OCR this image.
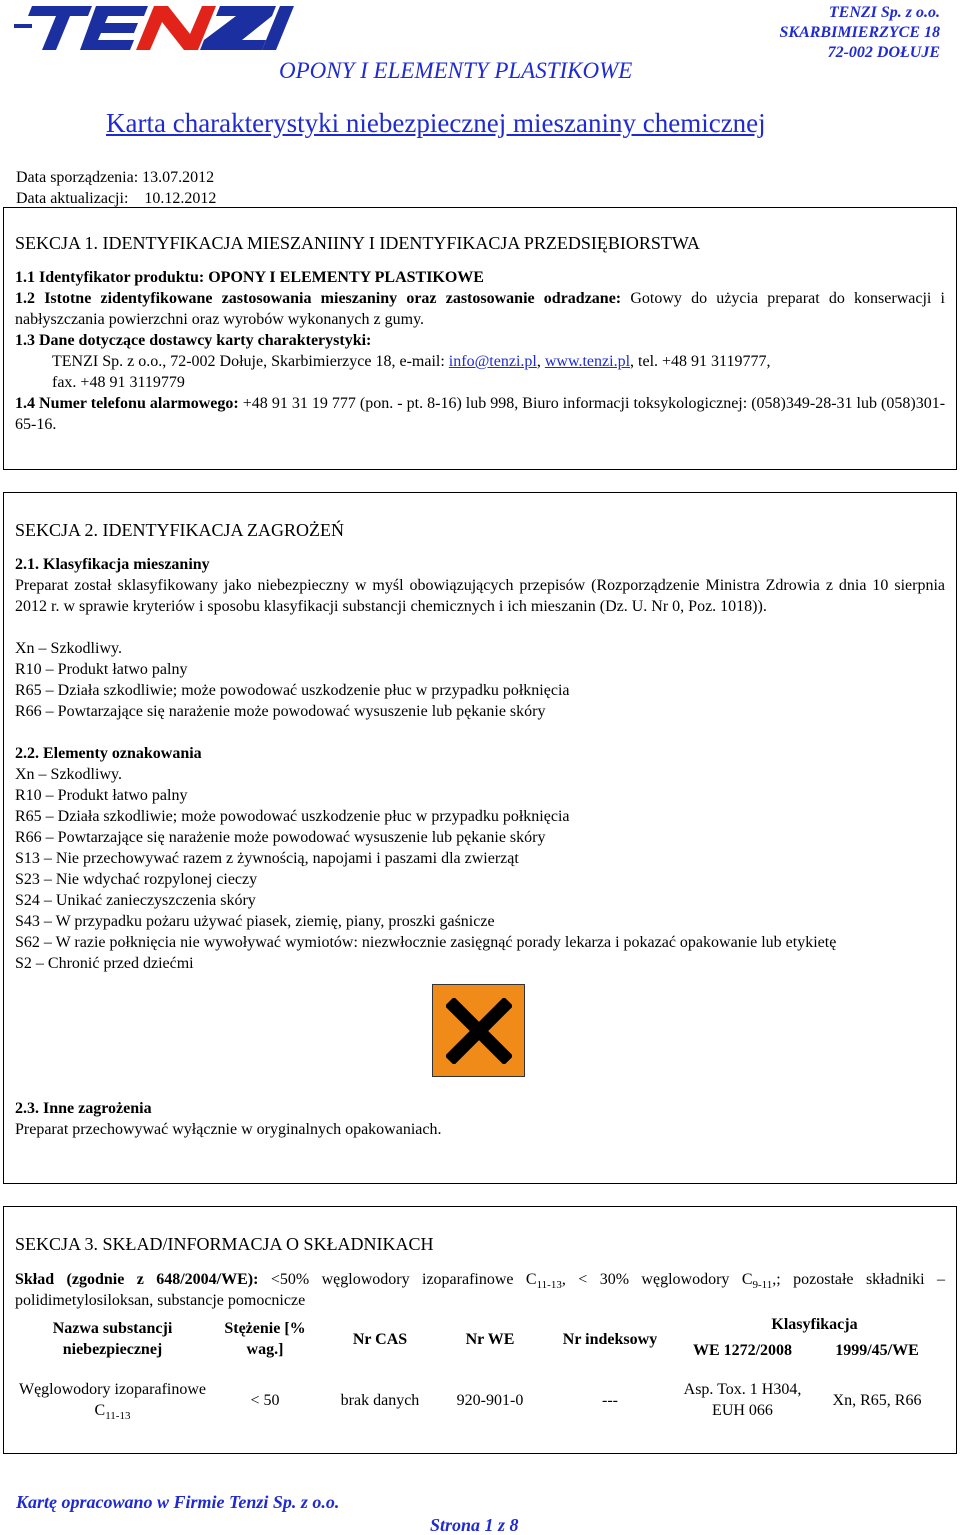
OPONY I ELEMENTY PLASTIKOWE
TENZI Sp. z o.o.
SKARBIMIERZYCE 18
72-002 DOŁUJE
Karta charakterystyki niebezpiecznej mieszaniny chemicznej
Data sporządzenia: 13.07.2012
Data aktualizacji: 10.12.2012
SEKCJA 1. IDENTYFIKACJA MIESZANIINY I IDENTYFIKACJA PRZEDSIĘBIORSTWA
1.1 Identyfikator produktu: OPONY I ELEMENTY PLASTIKOWE

1.2 Istotne zidentyfikowane zastosowania mieszaniny oraz zastosowanie odradzane: Gotowy do użycia preparat do konserwacji i nabłyszczania powierzchni oraz wyrobów wykonanych z gumy.

1.3 Dane dotyczące dostawcy karty charakterystyki:
TENZI Sp. z o.o., 72-002 Dołuje, Skarbimierzyce 18, e-mail: info@tenzi.pl, www.tenzi.pl, tel. +48 91 3119777,
fax. +48 91 3119779

1.4 Numer telefonu alarmowego: +48 91 31 19 777 (pon. - pt. 8-16) lub 998, Biuro informacji toksykologicznej: (058)349-28-31 lub (058)301-65-16.

SEKCJA 2. IDENTYFIKACJA ZAGROŻEŃ
2.1. Klasyfikacja mieszaniny

Preparat został sklasyfikowany jako niebezpieczny w myśl obowiązujących przepisów (Rozporządzenie Ministra Zdrowia z dnia 10 sierpnia 2012 r. w sprawie kryteriów i sposobu klasyfikacji substancji chemicznych i ich mieszanin (Dz. U. Nr 0, Poz. 1018)).

Xn – Szkodliwy.
R10 – Produkt łatwo palny
R65 – Działa szkodliwie; może powodować uszkodzenie płuc w przypadku połknięcia
R66 – Powtarzające się narażenie może powodować wysuszenie lub pękanie skóry
2.2. Elementy oznakowania
Xn – Szkodliwy.
R10 – Produkt łatwo palny
R65 – Działa szkodliwie; może powodować uszkodzenie płuc w przypadku połknięcia
R66 – Powtarzające się narażenie może powodować wysuszenie lub pękanie skóry
S13 – Nie przechowywać razem z żywnością, napojami i paszami dla zwierząt
S23 – Nie wdychać rozpylonej cieczy
S24 – Unikać zanieczyszczenia skóry
S43 – W przypadku pożaru używać piasek, ziemię, piany, proszki gaśnicze
S62 – W razie połknięcia nie wywoływać wymiotów: niezwłocznie zasięgnąć porady lekarza i pokazać opakowanie lub etykietę
S2 – Chronić przed dziećmi
2.3. Inne zagrożenia
Preparat przechowywać wyłącznie w oryginalnych opakowaniach.
SEKCJA 3. SKŁAD/INFORMACJA O SKŁADNIKACH

Skład (zgodnie z 648/2004/WE): <50% węglowodory izoparafinowe $C_{11-13}$, < 30% węglowodory $C_{9-11}$,; pozostałe składniki – polidimetylosiloksan, substancje pomocnicze

Nazwa substancji niebezpiecznej	Stężenie [% wag.]	Nr CAS	Nr WE	Nr indeksowy	Klasyfikacja	
					WE 1272/2008	1999/45/WE
Węglowodory izoparafinowe $C_{11-13}$	< 50	brak danych	920-901-0	---	Asp. Tox. 1 H304, EUH 066	Xn, R65, R66
Kartę opracowano w Firmie Tenzi Sp. z o.o.
Strona 1 z 8
